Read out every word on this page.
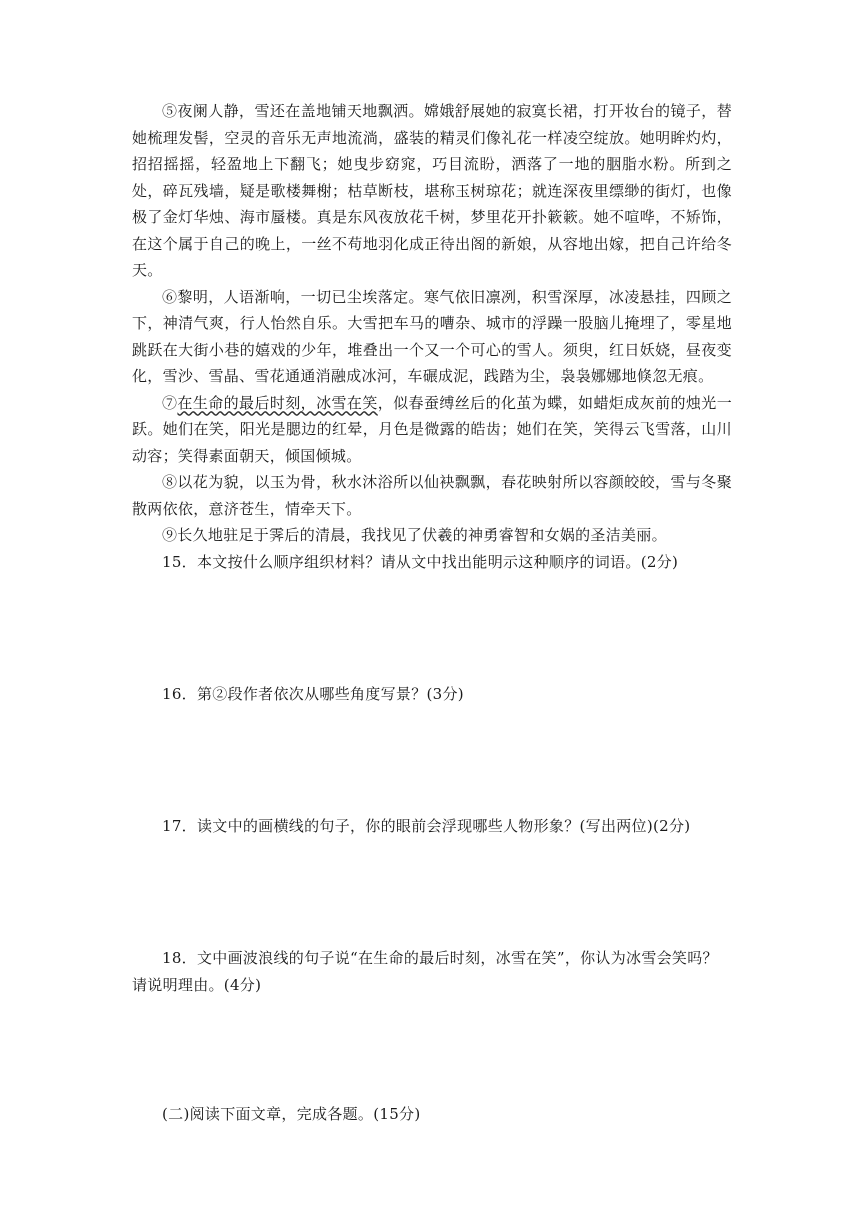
⑤夜阑人静，雪还在盖地铺天地飘洒。嫦娥舒展她的寂寞长裙，打开妆台的镜子，替她梳理发髻，空灵的音乐无声地流淌，盛装的精灵们像礼花一样凌空绽放。她明眸灼灼，招招摇摇，轻盈地上下翻飞；她曳步窈窕，巧目流盼，洒落了一地的胭脂水粉。所到之处，碎瓦残墙，疑是歌楼舞榭；枯草断枝，堪称玉树琼花；就连深夜里缥缈的街灯，也像极了金灯华烛、海市蜃楼。真是东风夜放花千树，梦里花开扑簌簌。她不喧哗，不矫饰，在这个属于自己的晚上，一丝不苟地羽化成正待出阁的新娘，从容地出嫁，把自己许给冬天。

⑥黎明，人语渐响，一切已尘埃落定。寒气依旧凛冽，积雪深厚，冰凌悬挂，四顾之下，神清气爽，行人怡然自乐。大雪把车马的嘈杂、城市的浮躁一股脑儿掩埋了，零星地跳跃在大街小巷的嬉戏的少年，堆叠出一个又一个可心的雪人。须臾，红日妖娆，昼夜变化，雪沙、雪晶、雪花通通消融成冰河，车碾成泥，践踏为尘，袅袅娜娜地倏忽无痕。

⑦在生命的最后时刻，冰雪在笑，似春蚕缚丝后的化茧为蝶，如蜡炬成灰前的烛光一跃。她们在笑，阳光是腮边的红晕，月色是微露的皓齿；她们在笑，笑得云飞雪落，山川动容；笑得素面朝天，倾国倾城。

⑧以花为貌，以玉为骨，秋水沐浴所以仙袂飘飘，春花映射所以容颜皎皎，雪与冬聚散两依依，意济苍生，情牵天下。

⑨长久地驻足于霁后的清晨，我找见了伏羲的神勇睿智和女娲的圣洁美丽。

15．本文按什么顺序组织材料？请从文中找出能明示这种顺序的词语。(2分)

16．第②段作者依次从哪些角度写景？(3分)

17．读文中的画横线的句子，你的眼前会浮现哪些人物形象？(写出两位)(2分)

18．文中画波浪线的句子说“在生命的最后时刻，冰雪在笑”，你认为冰雪会笑吗？请说明理由。(4分)

(二)阅读下面文章，完成各题。(15分)
